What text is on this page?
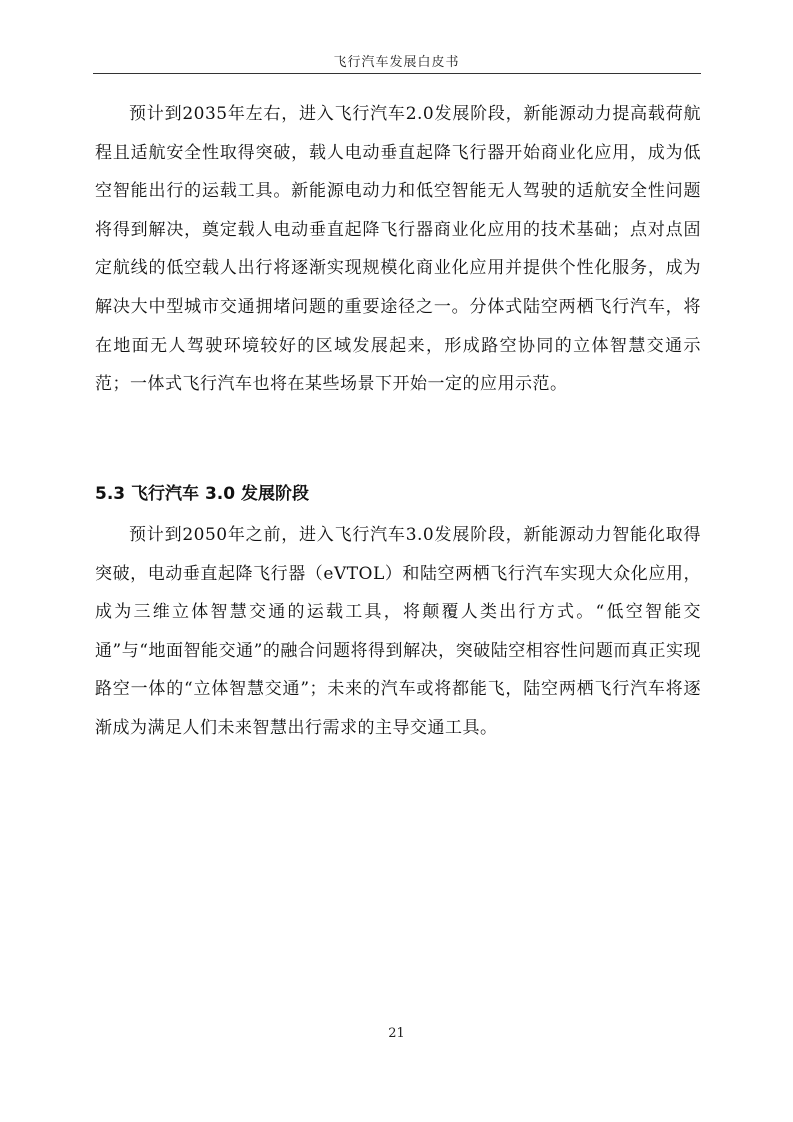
飞行汽车发展白皮书

预计到2035年左右，进入飞行汽车2.0发展阶段，新能源动力提高载荷航程且适航安全性取得突破，载人电动垂直起降飞行器开始商业化应用，成为低空智能出行的运载工具。新能源电动力和低空智能无人驾驶的适航安全性问题将得到解决，奠定载人电动垂直起降飞行器商业化应用的技术基础；点对点固定航线的低空载人出行将逐渐实现规模化商业化应用并提供个性化服务，成为解决大中型城市交通拥堵问题的重要途径之一。分体式陆空两栖飞行汽车，将在地面无人驾驶环境较好的区域发展起来，形成路空协同的立体智慧交通示范；一体式飞行汽车也将在某些场景下开始一定的应用示范。

5.3 飞行汽车 3.0 发展阶段

预计到2050年之前，进入飞行汽车3.0发展阶段，新能源动力智能化取得突破，电动垂直起降飞行器（eVTOL）和陆空两栖飞行汽车实现大众化应用，成为三维立体智慧交通的运载工具，将颠覆人类出行方式。“低空智能交通”与“地面智能交通”的融合问题将得到解决，突破陆空相容性问题而真正实现路空一体的“立体智慧交通”；未来的汽车或将都能飞，陆空两栖飞行汽车将逐渐成为满足人们未来智慧出行需求的主导交通工具。

21
